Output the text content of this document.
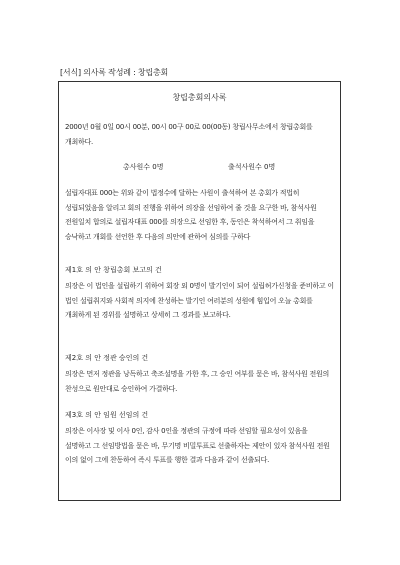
[서식] 의사록 작성례 : 창립총회
창립총회의사록
2000년 0월 0일 00시 00분, 00시 00구 00로 00(00동) 창립사무소에서 창립총회를 개최하다.
총사원수 0명	출석사원수 0명
설립자대표 000는 위와 같이 법정수에 달하는 사원이 출석하여 본 총회가 적법히 성립되었음을 알리고 회의 진행을 위하여 의장을 선임하여 줄 것을 요구한 바, 참석사원 전원일치 합의로 설립자대표 000를 의장으로 선임한 후, 동인은 착석하여서 그 취임을 승낙하고 개회를 선언한 후 다음의 의안에 관하여 심의를 구하다
제1호 의 안 창립총회 보고의 건
의장은 이 법인을 설립하기 위하여 회장 외 0명이 발기인이 되어 설립허가신청을 준비하고 이 법인 설립취지와 사회적 의지에 찬성하는 발기인 여러분의 성원에 힘입어 오늘 총회를 개최하게 된 경위를 설명하고 상세히 그 경과를 보고하다.
제2호 의 안 정관 승인의 건
의장은 먼저 정관을 낭독하고 축조설명을 가한 후, 그 승인 여부를 묻은 바, 참석사원 전원의 찬성으로 원안대로 승인하여 가결하다.
제3호 의 안 임원 선임의 건
의장은 이사장 및 이사 0인, 감사 0인을 정관의 규정에 따라 선임할 필요성이 있음을 설명하고 그 선임방법을 묻은 바, 무기명 비밀투표로 선출하자는 제안이 있자 참석사원 전원 이의 없이 그에 찬동하여 즉시 투표를 행한 결과 다음과 같이 선출되다.
